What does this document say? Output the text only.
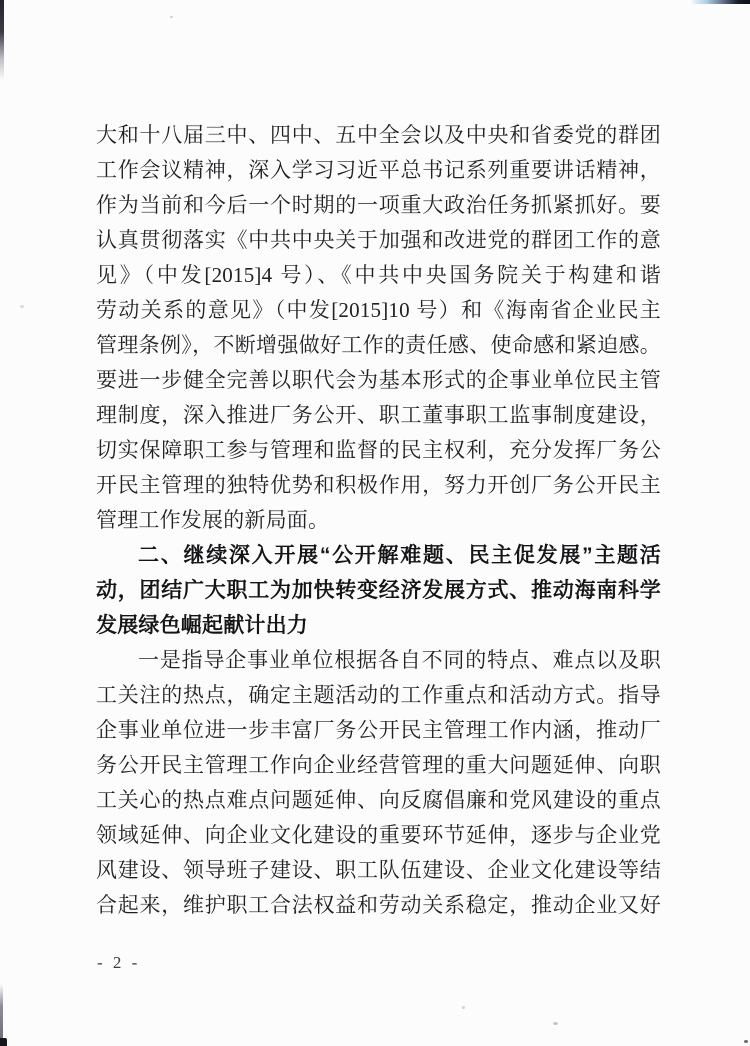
大和十八届三中、四中、五中全会以及中央和省委党的群团
工作会议精神，深入学习习近平总书记系列重要讲话精神，
作为当前和今后一个时期的一项重大政治任务抓紧抓好。要
认真贯彻落实《中共中央关于加强和改进党的群团工作的意
见》（中发[2015]4 号）、《中共中央国务院关于构建和谐
劳动关系的意见》（中发[2015]10 号）和《海南省企业民主
管理条例》，不断增强做好工作的责任感、使命感和紧迫感。
要进一步健全完善以职代会为基本形式的企事业单位民主管
理制度，深入推进厂务公开、职工董事职工监事制度建设，
切实保障职工参与管理和监督的民主权利，充分发挥厂务公
开民主管理的独特优势和积极作用，努力开创厂务公开民主
管理工作发展的新局面。
二、继续深入开展“公开解难题、民主促发展”主题活
动，团结广大职工为加快转变经济发展方式、推动海南科学
发展绿色崛起献计出力
一是指导企事业单位根据各自不同的特点、难点以及职
工关注的热点，确定主题活动的工作重点和活动方式。指导
企事业单位进一步丰富厂务公开民主管理工作内涵，推动厂
务公开民主管理工作向企业经营管理的重大问题延伸、向职
工关心的热点难点问题延伸、向反腐倡廉和党风建设的重点
领域延伸、向企业文化建设的重要环节延伸，逐步与企业党
风建设、领导班子建设、职工队伍建设、企业文化建设等结
合起来，维护职工合法权益和劳动关系稳定，推动企业又好
- 2 -
